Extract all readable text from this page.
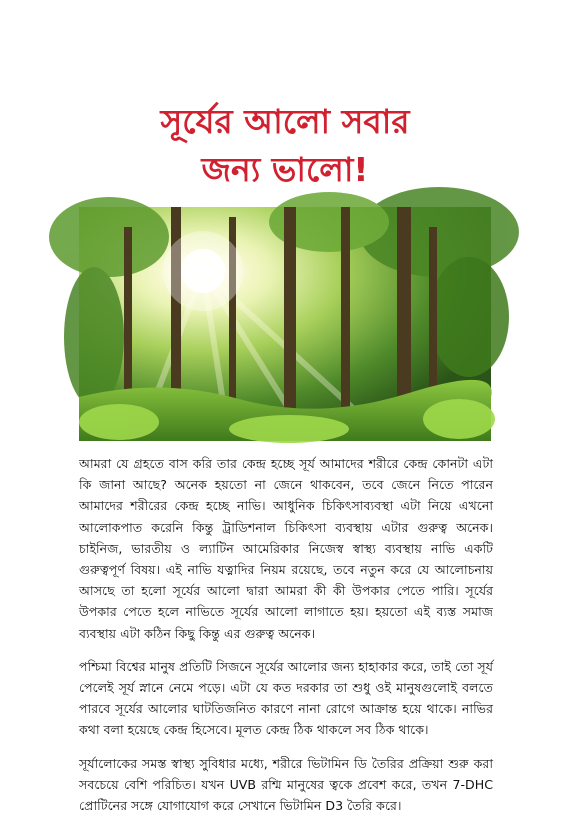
সূর্যের আলো সবার
জন্য ভালো!

আমরা যে গ্রহতে বাস করি তার কেন্দ্র হচ্ছে সূর্য আমাদের শরীরে কেন্দ্র কোনটা এটা কি জানা আছে? অনেক হয়তো না জেনে থাকবেন, তবে জেনে নিতে পারেন আমাদের শরীরের কেন্দ্র হচ্ছে নাভি। আধুনিক চিকিৎসাব্যবস্থা এটা নিয়ে এখনো আলোকপাত করেনি কিন্তু ট্রাডিশনাল চিকিৎসা ব্যবস্থায় এটার গুরুত্ব অনেক। চাইনিজ, ভারতীয় ও ল্যাটিন আমেরিকার নিজেস্ব স্বাস্থ্য ব্যবস্থায় নাভি একটি গুরুত্বপূর্ণ বিষয়। এই নাভি যত্নাদির নিয়ম রয়েছে, তবে নতুন করে যে আলোচনায় আসছে তা হলো সূর্যের আলো দ্বারা আমরা কী কী উপকার পেতে পারি। সূর্যের উপকার পেতে হলে নাভিতে সূর্যের আলো লাগাতে হয়। হয়তো এই ব্যস্ত সমাজ ব্যবস্থায় এটা কঠিন কিছু কিন্তু এর গুরুত্ব অনেক।

পশ্চিমা বিশ্বের মানুষ প্রতিটি সিজনে সূর্যের আলোর জন্য হাহাকার করে, তাই তো সূর্য পেলেই সূর্য স্নানে নেমে পড়ে। এটা যে কত দরকার তা শুধু ওই মানুষগুলোই বলতে পারবে সূর্যের আলোর ঘাটতিজনিত কারণে নানা রোগে আক্রান্ত হয়ে থাকে। নাভির কথা বলা হয়েছে কেন্দ্র হিসেবে। মূলত কেন্দ্র ঠিক থাকলে সব ঠিক থাকে।

সূর্যালোকের সমস্ত স্বাস্থ্য সুবিধার মধ্যে, শরীরে ভিটামিন ডি তৈরির প্রক্রিয়া শুরু করা সবচেয়ে বেশি পরিচিত। যখন UVB রশ্মি মানুষের ত্বকে প্রবেশ করে, তখন 7-DHC প্রোটিনের সঙ্গে যোগাযোগ করে সেখানে ভিটামিন D3 তৈরি করে।
